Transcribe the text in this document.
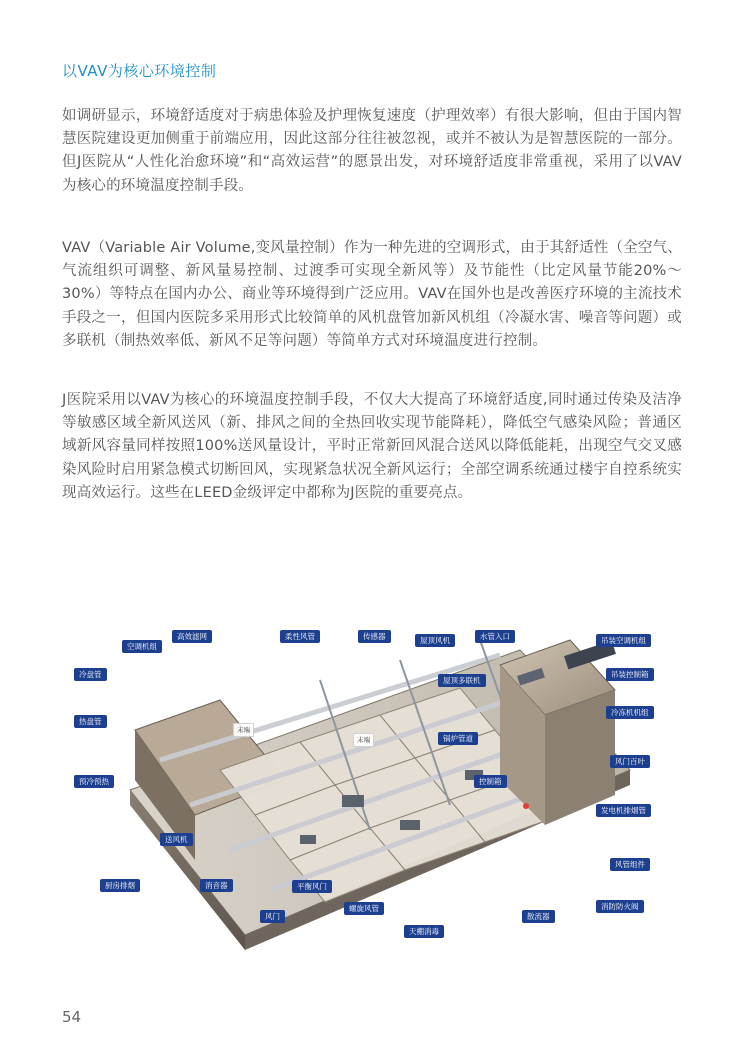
以VAV为核心环境控制
如调研显示，环境舒适度对于病患体验及护理恢复速度（护理效率）有很大影响，但由于国内智慧医院建设更加侧重于前端应用，因此这部分往往被忽视，或并不被认为是智慧医院的一部分。但J医院从“人性化治愈环境”和“高效运营”的愿景出发，对环境舒适度非常重视，采用了以VAV为核心的环境温度控制手段。
VAV（Variable Air Volume,变风量控制）作为一种先进的空调形式，由于其舒适性（全空气、气流组织可调整、新风量易控制、过渡季可实现全新风等）及节能性（比定风量节能20%～30%）等特点在国内办公、商业等环境得到广泛应用。VAV在国外也是改善医疗环境的主流技术手段之一，但国内医院多采用形式比较简单的风机盘管加新风机组（冷凝水害、噪音等问题）或多联机（制热效率低、新风不足等问题）等简单方式对环境温度进行控制。
J医院采用以VAV为核心的环境温度控制手段，不仅大大提高了环境舒适度,同时通过传染及洁净等敏感区域全新风送风（新、排风之间的全热回收实现节能降耗），降低空气感染风险；普通区域新风容量同样按照100%送风量设计，平时正常新回风混合送风以降低能耗，出现空气交叉感染风险时启用紧急模式切断回风，实现紧急状况全新风运行；全部空调系统通过楼宇自控系统实现高效运行。这些在LEED金级评定中都称为J医院的重要亮点。
高效滤网
空调机组
冷盘管
热盘管
预冷预热
送风机
厨房排烟	消音器
风门
平衡风门
螺旋风管
天棚消毒
柔性风管	传感器	屋顶风机	水管入口	吊装空调机组
吊装控制箱
屋顶多联机
冷冻机机组
锅炉管道
控制箱
风门百叶
发电机排烟管
风管组件
消防防火阀
散流器
末端
末端
54
